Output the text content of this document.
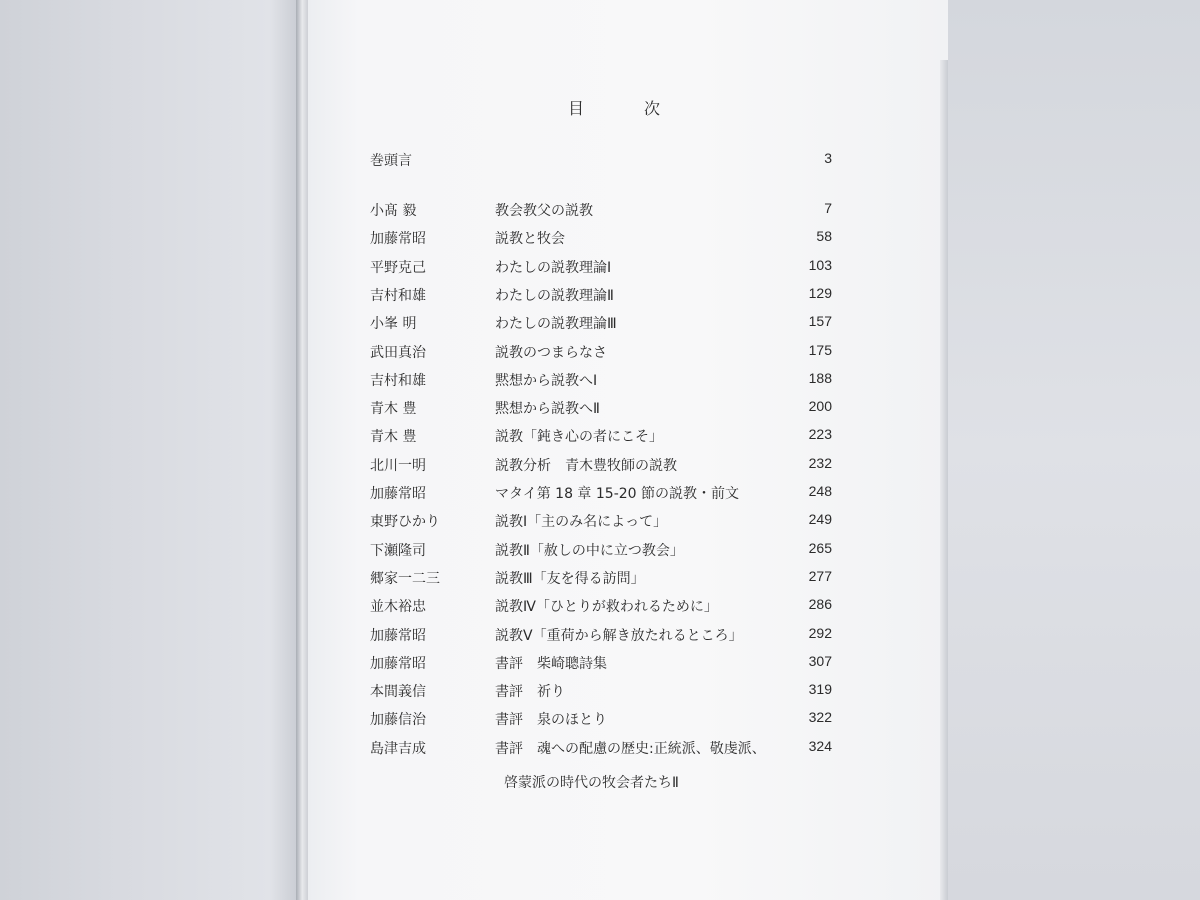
目　次
巻頭言	3
小髙 毅	教会教父の説教	7
加藤常昭	説教と牧会	58
平野克己	わたしの説教理論Ⅰ	103
吉村和雄	わたしの説教理論Ⅱ	129
小峯 明	わたしの説教理論Ⅲ	157
武田真治	説教のつまらなさ	175
吉村和雄	黙想から説教へⅠ	188
青木 豊	黙想から説教へⅡ	200
青木 豊	説教「鈍き心の者にこそ」	223
北川一明	説教分析　青木豊牧師の説教	232
加藤常昭	マタイ第 18 章 15-20 節の説教・前文	248
東野ひかり	説教Ⅰ「主のみ名によって」	249
下瀬隆司	説教Ⅱ「赦しの中に立つ教会」	265
郷家一二三	説教Ⅲ「友を得る訪問」	277
並木裕忠	説教Ⅳ「ひとりが救われるために」	286
加藤常昭	説教Ⅴ「重荷から解き放たれるところ」	292
加藤常昭	書評　柴崎聰詩集	307
本間義信	書評　祈り	319
加藤信治	書評　泉のほとり	322
島津吉成	書評　魂への配慮の歴史:正統派、敬虔派、	324
啓蒙派の時代の牧会者たちⅡ
